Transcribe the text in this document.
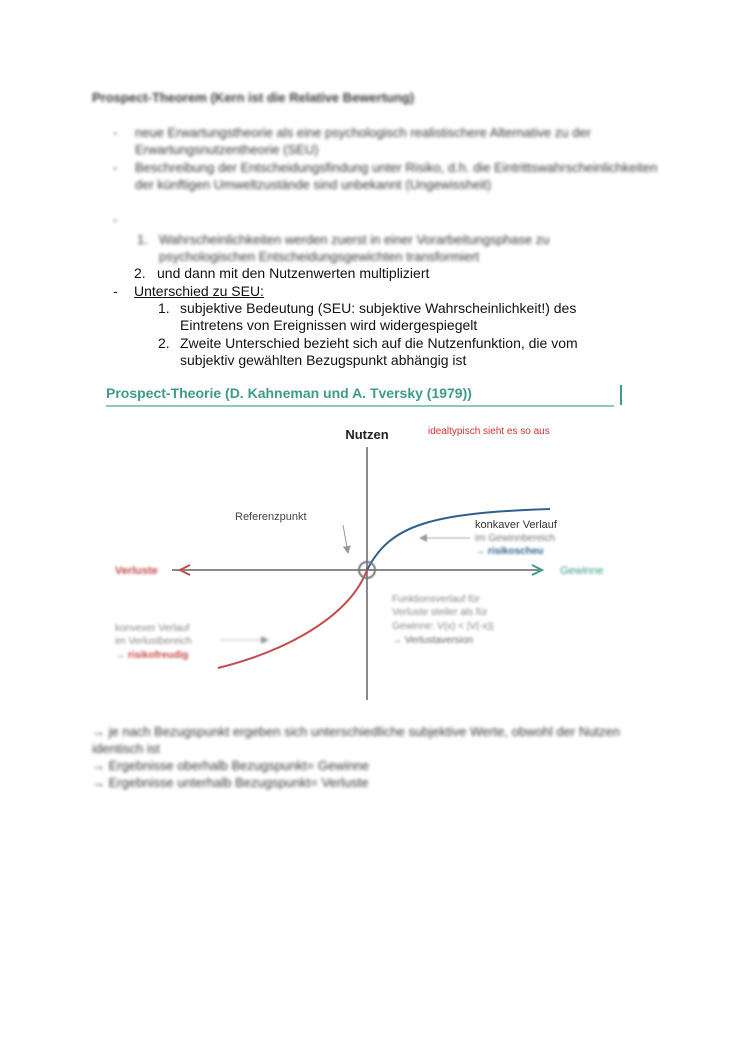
Prospect-Theorem (Kern ist die Relative Bewertung)
- neue Erwartungstheorie als eine psychologisch realistischere Alternative zu der Erwartungsnutzentheorie (SEU)
- Beschreibung der Entscheidungsfindung unter Risiko, d.h. die Eintrittswahrscheinlichkeiten der künftigen Umweltzustände sind unbekannt (Ungewissheit)
-
1. Wahrscheinlichkeiten werden zuerst in einer Vorarbeitungsphase zu psychologischen Entscheidungsgewichten transformiert
2. und dann mit den Nutzenwerten multipliziert
- Unterschied zu SEU:
1. subjektive Bedeutung (SEU: subjektive Wahrscheinlichkeit!) des
Eintretens von Ereignissen wird widergespiegelt
2. Zweite Unterschied bezieht sich auf die Nutzenfunktion, die vom
subjektiv gewählten Bezugspunkt abhängig ist
Prospect-Theorie (D. Kahneman und A. Tversky (1979))
Nutzen	idealtypisch sieht es so aus
Referenzpunkt
konkaver Verlauf
im Gewinnbereich
→ risikoscheu
Verluste	Gewinne
konvexer Verlauf
im Verlustbereich
→ risikofreudig
Funktionsverlauf für
Verluste steiler als für
Gewinne: V(x) < |V(-x)|
→ Verlustaversion
→ je nach Bezugspunkt ergeben sich unterschiedliche subjektive Werte, obwohl der Nutzen identisch ist
→ Ergebnisse oberhalb Bezugspunkt= Gewinne
→ Ergebnisse unterhalb Bezugspunkt= Verluste
